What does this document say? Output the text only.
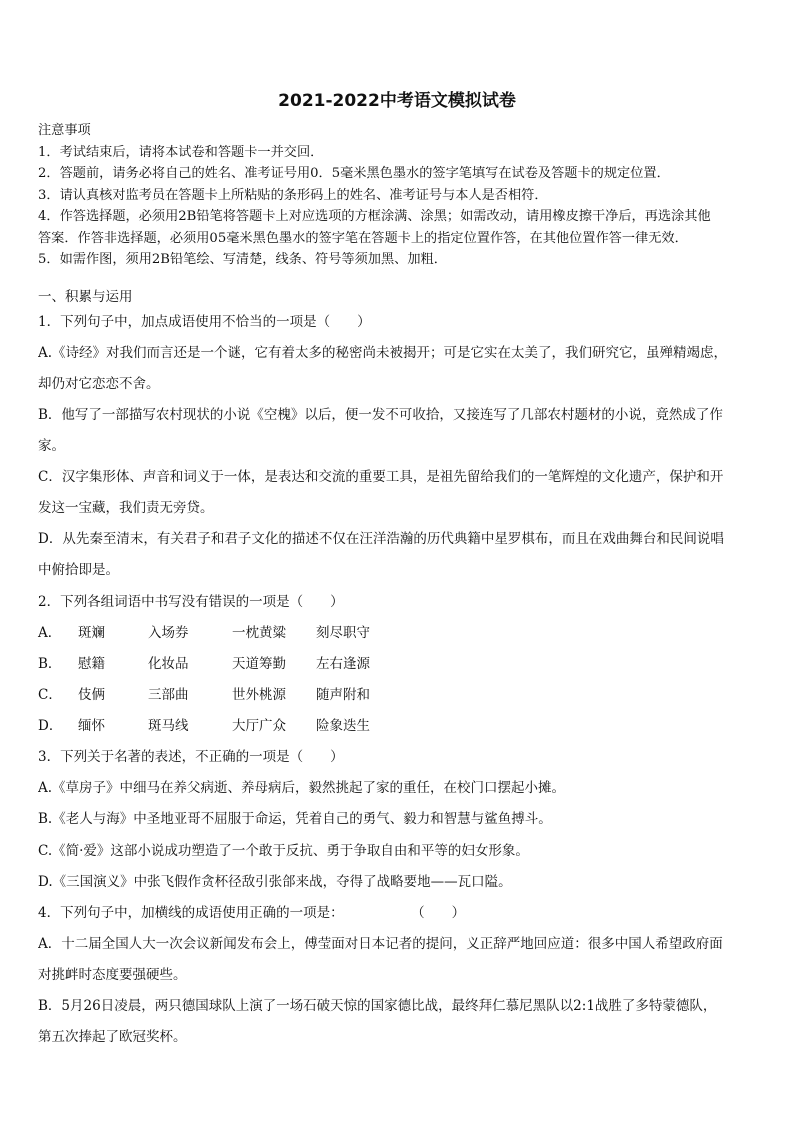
2021-2022中考语文模拟试卷
注意事项
1．考试结束后，请将本试卷和答题卡一并交回．
2．答题前，请务必将自己的姓名、准考证号用0．5毫米黑色墨水的签字笔填写在试卷及答题卡的规定位置．
3．请认真核对监考员在答题卡上所粘贴的条形码上的姓名、准考证号与本人是否相符．
4．作答选择题，必须用2B铅笔将答题卡上对应选项的方框涂满、涂黑；如需改动，请用橡皮擦干净后，再选涂其他
答案．作答非选择题，必须用05毫米黑色墨水的签字笔在答题卡上的指定位置作答，在其他位置作答一律无效．
5．如需作图，须用2B铅笔绘、写清楚，线条、符号等须加黑、加粗．
一、积累与运用
1．下列句子中，加点成语使用不恰当的一项是（　　）
A.《诗经》对我们而言还是一个谜，它有着太多的秘密尚未被揭开；可是它实在太美了，我们研究它，虽殚精竭虑，
却仍对它恋恋不舍。
B．他写了一部描写农村现状的小说《空槐》以后，便一发不可收拾，又接连写了几部农村题材的小说，竟然成了作
家。
C．汉字集形体、声音和词义于一体，是表达和交流的重要工具，是祖先留给我们的一笔辉煌的文化遗产，保护和开
发这一宝藏，我们责无旁贷。
D．从先秦至清末，有关君子和君子文化的描述不仅在汪洋浩瀚的历代典籍中星罗棋布，而且在戏曲舞台和民间说唱
中俯拾即是。
2．下列各组词语中书写没有错误的一项是（　　）
A． 斑斓	入场券	一枕黄粱 刻尽职守
B． 慰籍	化妆品	天道筹勤 左右逢源
C． 伎俩	三部曲	世外桃源 随声附和
D． 缅怀	斑马线	大厅广众 险象迭生
3．下列关于名著的表述，不正确的一项是（　　）
A.《草房子》中细马在养父病逝、养母病后，毅然挑起了家的重任，在校门口摆起小摊。
B.《老人与海》中圣地亚哥不屈服于命运，凭着自己的勇气、毅力和智慧与鲨鱼搏斗。
C.《简·爱》这部小说成功塑造了一个敢于反抗、勇于争取自由和平等的妇女形象。
D.《三国演义》中张飞假作贪杯径敌引张郃来战，夺得了战略要地——瓦口隘。
4．下列句子中，加横线的成语使用正确的一项是：　　　　　　（　　）
A．十二届全国人大一次会议新闻发布会上，傅莹面对日本记者的提问，义正辞严地回应道：很多中国人希望政府面
对挑衅时态度要强硬些。
B．5月26日凌晨，两只德国球队上演了一场石破天惊的国家德比战，最终拜仁慕尼黑队以2:1战胜了多特蒙德队，
第五次捧起了欧冠奖杯。
